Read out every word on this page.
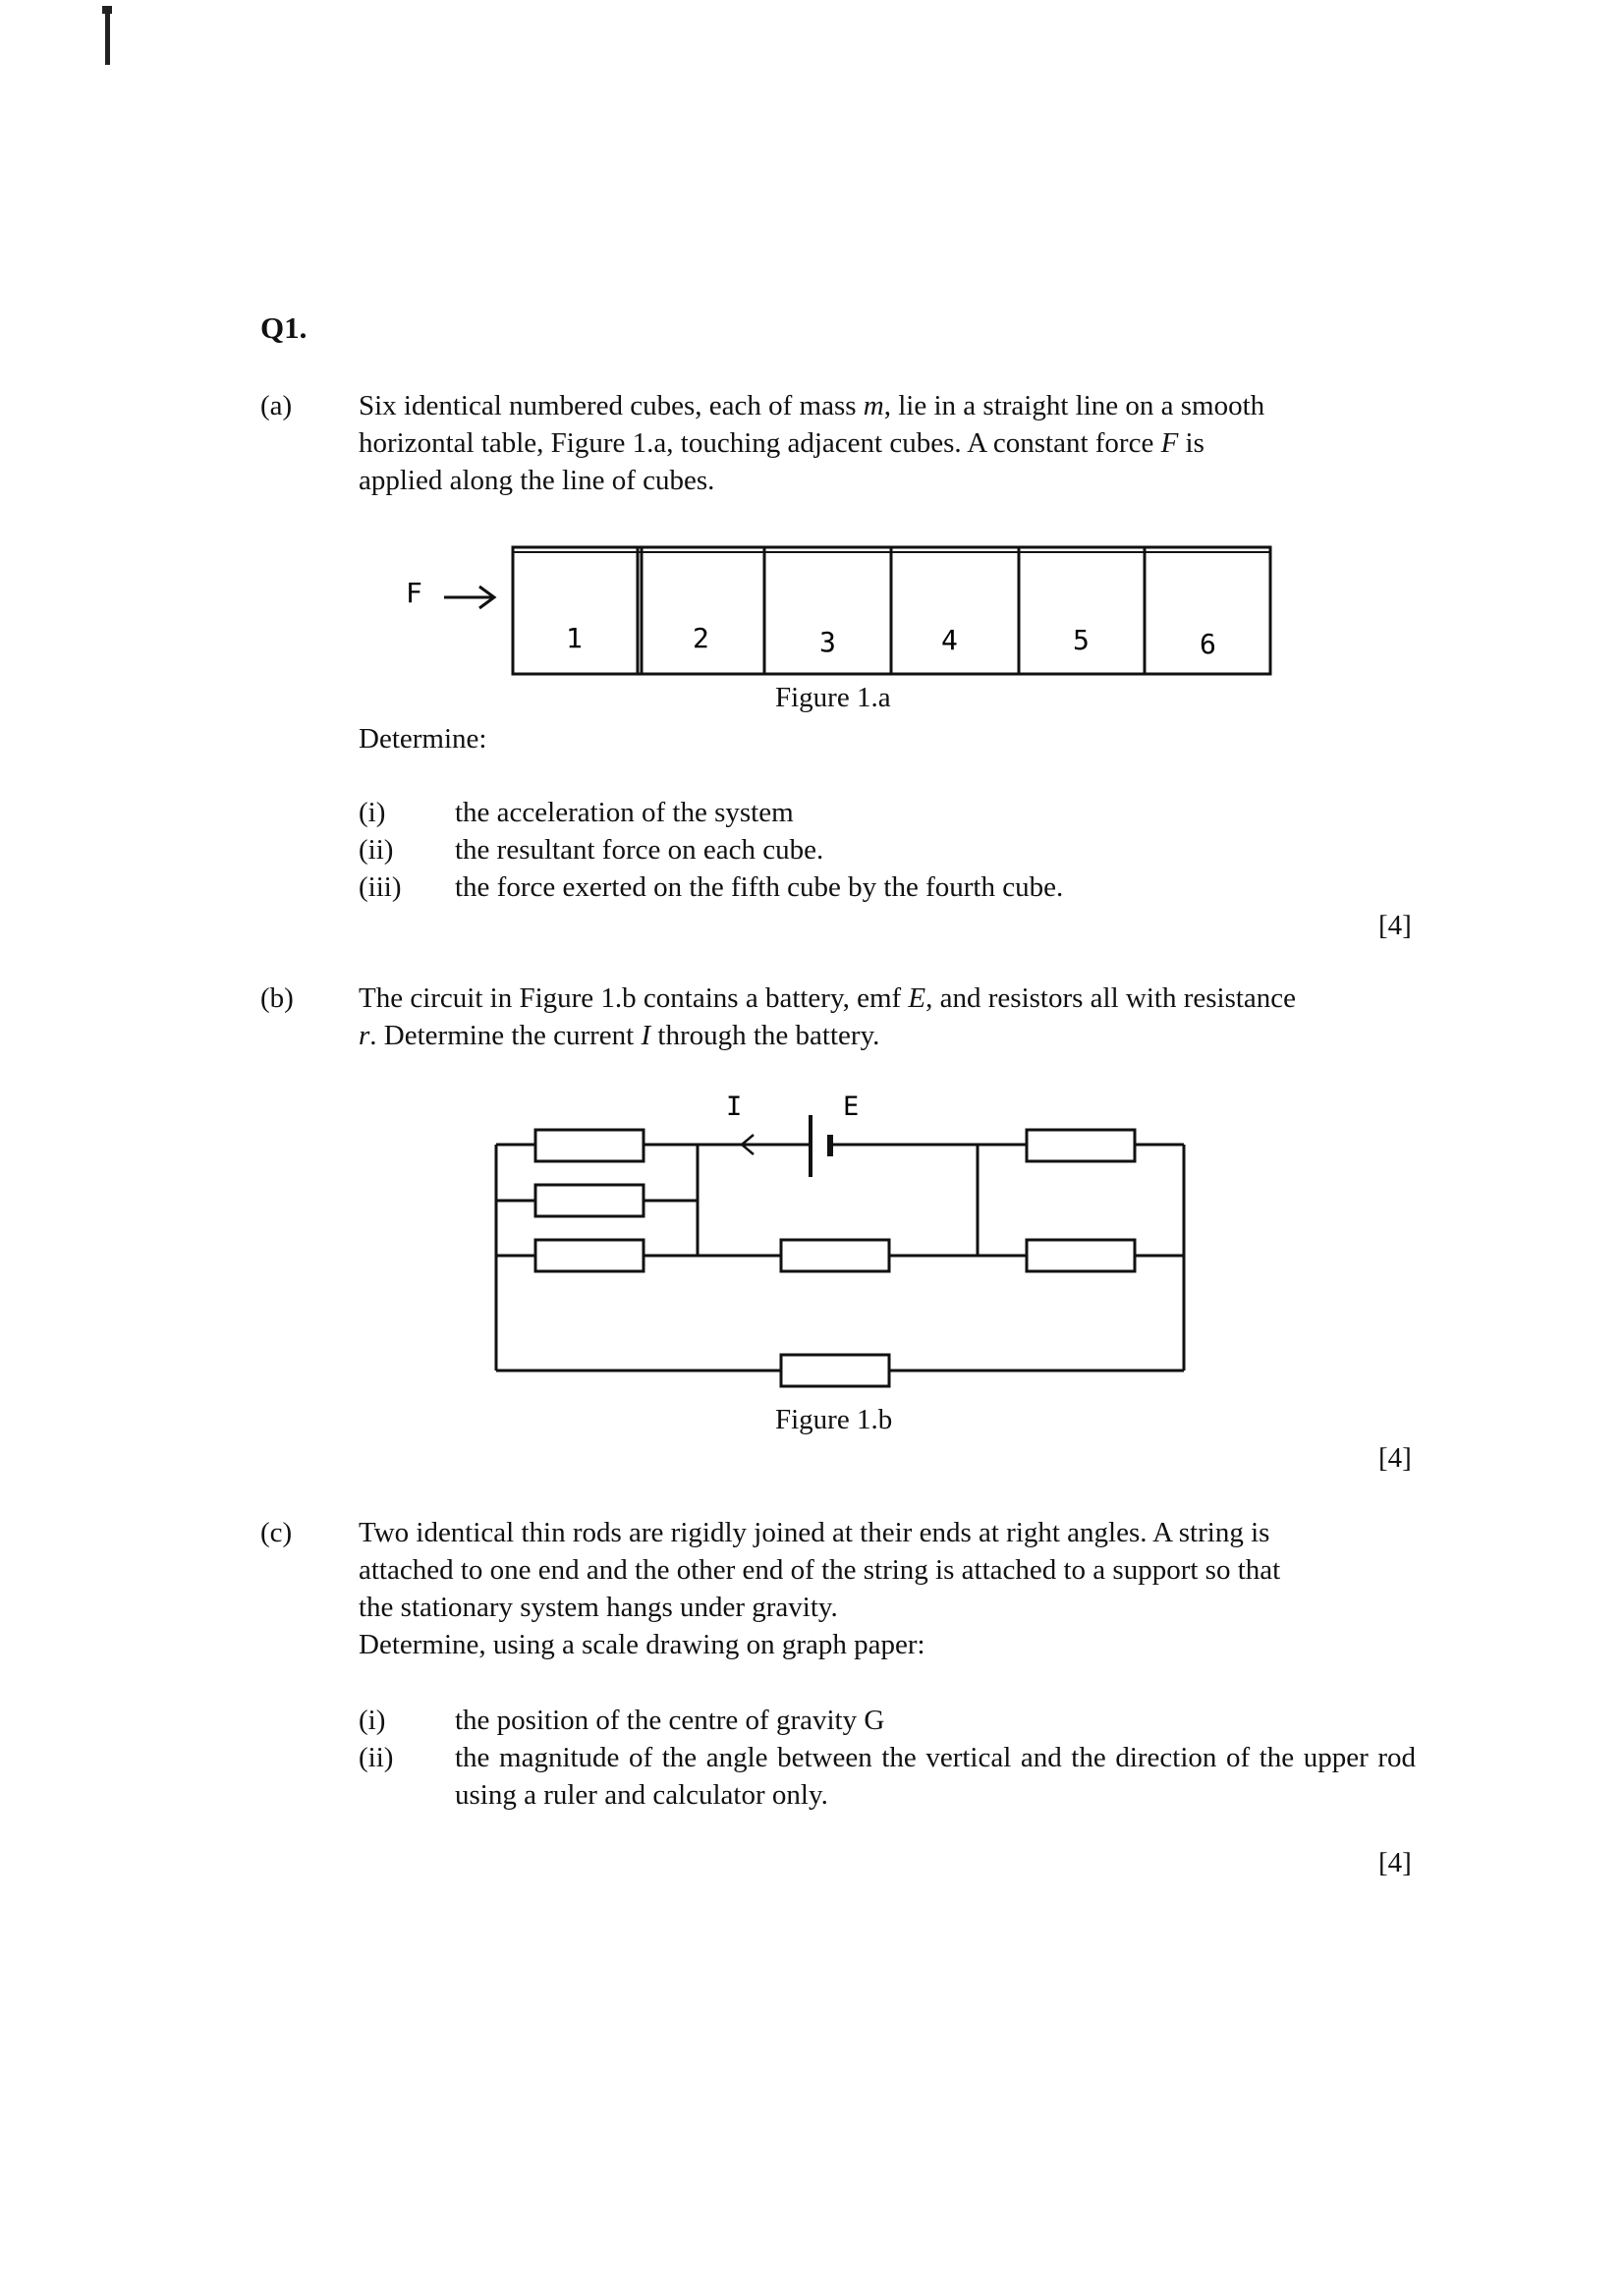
Q1.
(a) Six identical numbered cubes, each of mass m, lie in a straight line on a smooth
horizontal table, Figure 1.a, touching adjacent cubes. A constant force F is
applied along the line of cubes.
F
1	2	3	4	5	6
Figure 1.a
Determine:
(i)	the acceleration of the system
(ii)	the resultant force on each cube.
(iii)	the force exerted on the fifth cube by the fourth cube.
[4]
(b) The circuit in Figure 1.b contains a battery, emf E, and resistors all with resistance
r. Determine the current I through the battery.
I	E
Figure 1.b
[4]
(c) Two identical thin rods are rigidly joined at their ends at right angles. A string is
attached to one end and the other end of the string is attached to a support so that
the stationary system hangs under gravity.
Determine, using a scale drawing on graph paper:
(i)	the position of the centre of gravity G
(ii)	the magnitude of the angle between the vertical and the direction of the upper rod using a ruler and calculator only.
[4]
